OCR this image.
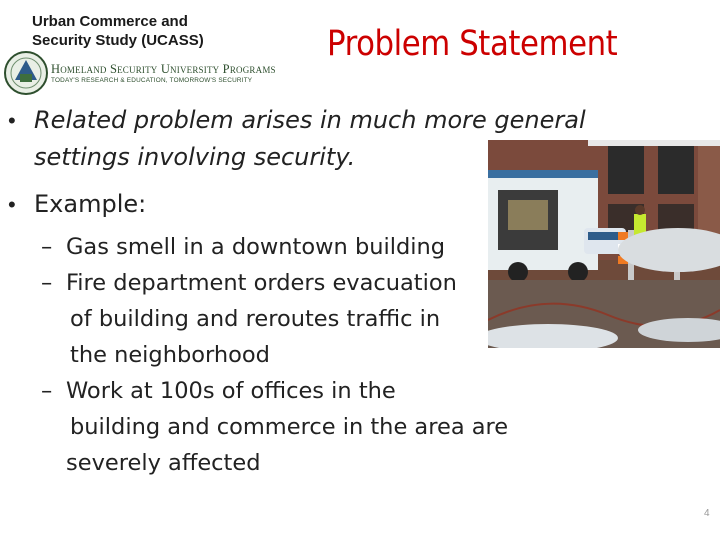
Urban Commerce and
Security Study (UCASS)
Homeland Security University Programs
TODAY'S RESEARCH & EDUCATION, TOMORROW'S SECURITY
Problem Statement
• Related problem arises in much more general
settings involving security.
• Example:
– Gas smell in a downtown building
– Fire department orders evacuation
of building and reroutes traffic in
the neighborhood
– Work at 100s of offices in the
building and commerce in the area are
severely affected
4
